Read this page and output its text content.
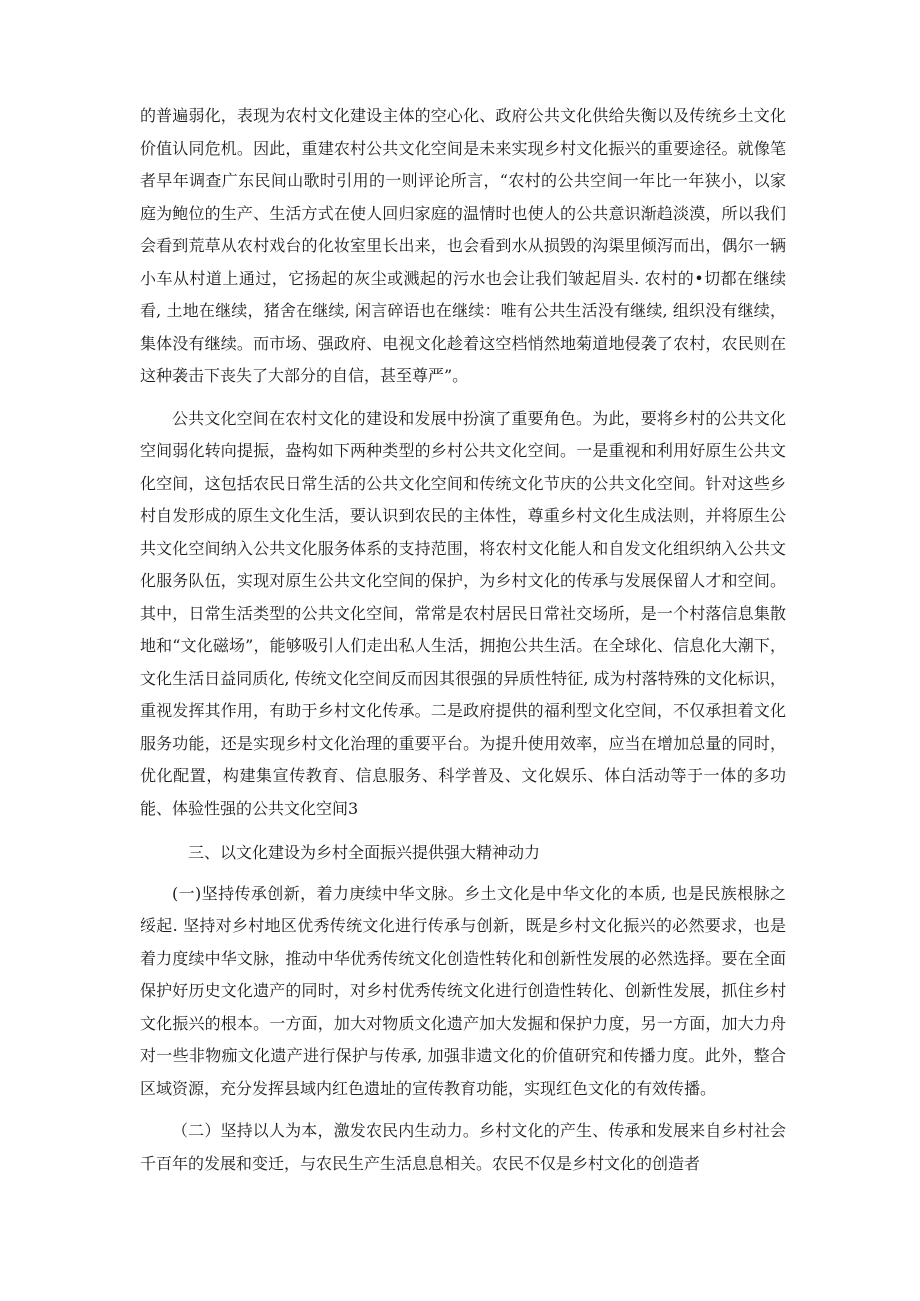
的普遍弱化，表现为农村文化建设主体的空心化、政府公共文化供给失衡以及传统乡土文化价值认同危机。因此，重建农村公共文化空间是未来实现乡村文化振兴的重要途径。就像笔者早年调查广东民间山歌时引用的一则评论所言，“农村的公共空间一年比一年狭小，以家庭为鲍位的生产、生活方式在使人回归家庭的温情时也使人的公共意识渐趋淡漠，所以我们会看到荒草从农村戏台的化妆室里长出来，也会看到水从损毁的沟渠里倾泻而出，偶尔一辆小车从村道上通过，它扬起的灰尘或溅起的污水也会让我们皱起眉头. 农村的•切都在继续看, 土地在继续，猪舍在继续, 闲言碎语也在继续：唯有公共生活没有继续, 组织没有继续，集体没有继续。而市场、强政府、电视文化趁着这空档悄然地菊道地侵袭了农村，农民则在这种袭击下丧失了大部分的自信，甚至尊严”。

公共文化空间在农村文化的建设和发展中扮演了重要角色。为此，要将乡村的公共文化空间弱化转向提振，盎构如下两种类型的乡村公共文化空间。一是重视和利用好原生公共文化空间，这包括农民日常生活的公共文化空间和传统文化节庆的公共文化空间。针对这些乡村自发形成的原生文化生活，要认识到农民的主体性，尊重乡村文化生成法则，并将原生公共文化空间纳入公共文化服务体系的支持范围，将农村文化能人和自发文化组织纳入公共文化服务队伍，实现对原生公共文化空间的保护，为乡村文化的传承与发展保留人才和空间。其中，日常生活类型的公共文化空间，常常是农村居民日常社交场所，是一个村落信息集散地和“文化磁场”，能够吸引人们走出私人生活，拥抱公共生活。在全球化、信息化大潮下，文化生活日益同质化, 传统文化空间反而因其很强的异质性特征, 成为村落特殊的文化标识，重视发挥其作用，有助于乡村文化传承。二是政府提供的福利型文化空间，不仅承担着文化服务功能，还是实现乡村文化治理的重要平台。为提升使用效率，应当在增加总量的同时，优化配置，构建集宣传教育、信息服务、科学普及、文化娱乐、体白活动等于一体的多功能、体验性强的公共文化空间3

三、以文化建设为乡村全面振兴提供强大精神动力

(一)坚持传承创新，着力庚续中华文脉。乡土文化是中华文化的本质, 也是民族根脉之绥起. 坚持对乡村地区优秀传统文化进行传承与创新，既是乡村文化振兴的必然要求，也是着力度续中华文脉，推动中华优秀传统文化创造性转化和创新性发展的必然选择。要在全面保护好历史文化遗产的同时，对乡村优秀传统文化进行创造性转化、创新性发展，抓住乡村文化振兴的根本。一方面，加大对物质文化遗产加大发掘和保护力度，另一方面，加大力舟对一些非物痂文化遗产进行保护与传承, 加强非遗文化的价值研究和传播力度。此外，整合区域资源，充分发挥县域内红色遗址的宣传教育功能，实现红色文化的有效传播。

（二）坚持以人为本，激发农民内生动力。乡村文化的产生、传承和发展来自乡村社会千百年的发展和变迁，与农民生产生活息息相关。农民不仅是乡村文化的创造者
